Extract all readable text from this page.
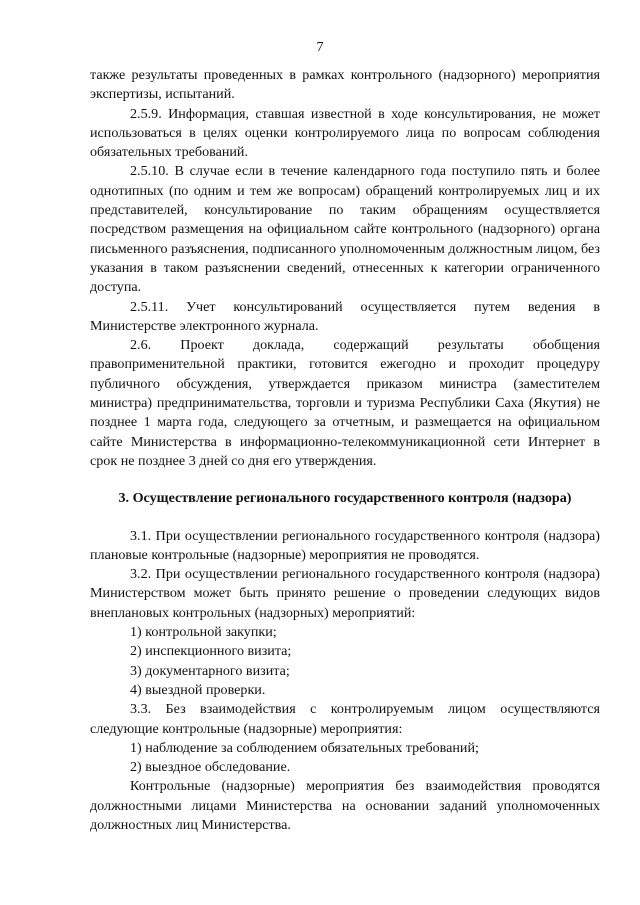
7

также результаты проведенных в рамках контрольного (надзорного) мероприятия экспертизы, испытаний.

2.5.9. Информация, ставшая известной в ходе консультирования, не может использоваться в целях оценки контролируемого лица по вопросам соблюдения обязательных требований.

2.5.10. В случае если в течение календарного года поступило пять и более однотипных (по одним и тем же вопросам) обращений контролируемых лиц и их представителей, консультирование по таким обращениям осуществляется посредством размещения на официальном сайте контрольного (надзорного) органа письменного разъяснения, подписанного уполномоченным должностным лицом, без указания в таком разъяснении сведений, отнесенных к категории ограниченного доступа.

2.5.11. Учет консультирований осуществляется путем ведения в Министерстве электронного журнала.

2.6. Проект доклада, содержащий результаты обобщения правоприменительной практики, готовится ежегодно и проходит процедуру публичного обсуждения, утверждается приказом министра (заместителем министра) предпринимательства, торговли и туризма Республики Саха (Якутия) не позднее 1 марта года, следующего за отчетным, и размещается на официальном сайте Министерства в информационно-телекоммуникационной сети Интернет в срок не позднее 3 дней со дня его утверждения.

3. Осуществление регионального государственного контроля (надзора)

3.1. При осуществлении регионального государственного контроля (надзора) плановые контрольные (надзорные) мероприятия не проводятся.

3.2. При осуществлении регионального государственного контроля (надзора) Министерством может быть принято решение о проведении следующих видов внеплановых контрольных (надзорных) мероприятий:

1) контрольной закупки;

2) инспекционного визита;

3) документарного визита;

4) выездной проверки.

3.3. Без взаимодействия с контролируемым лицом осуществляются следующие контрольные (надзорные) мероприятия:

1) наблюдение за соблюдением обязательных требований;

2) выездное обследование.

Контрольные (надзорные) мероприятия без взаимодействия проводятся должностными лицами Министерства на основании заданий уполномоченных должностных лиц Министерства.
